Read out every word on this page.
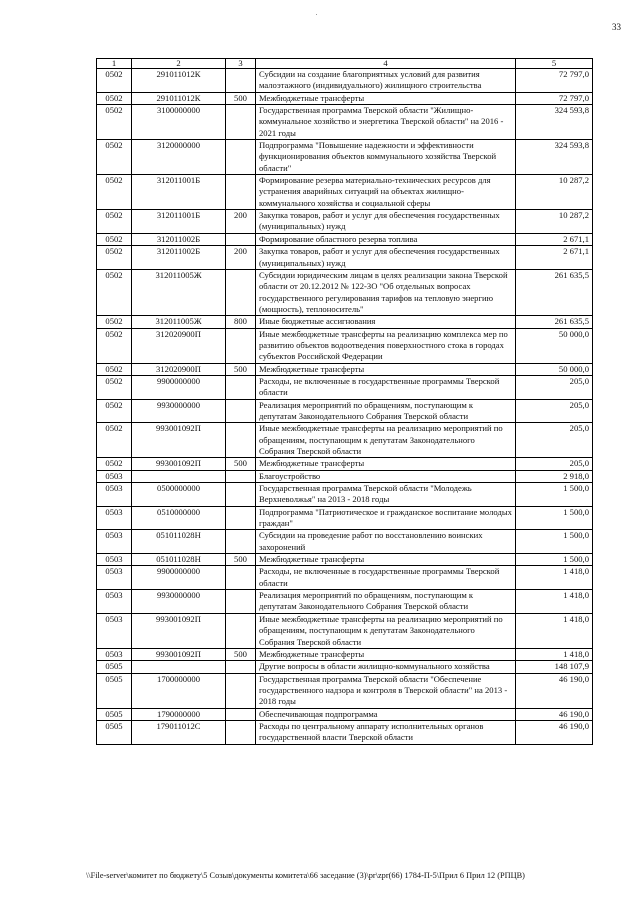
33
1	2	3	4	5
0502	291011012К		Субсидии на создание благоприятных условий для развития малоэтажного (индивидуального) жилищного строительства	72 797,0
0502	291011012К	500	Межбюджетные трансферты	72 797,0
0502	3100000000		Государственная программа Тверской области "Жилищно-коммунальное хозяйство и энергетика Тверской области" на 2016 - 2021 годы	324 593,8
0502	3120000000		Подпрограмма "Повышение надежности и эффективности функционирования объектов коммунального хозяйства Тверской области"	324 593,8
0502	312011001Б		Формирование резерва материально-технических ресурсов для устранения аварийных ситуаций на объектах жилищно-коммунального хозяйства и социальной сферы	10 287,2
0502	312011001Б	200	Закупка товаров, работ и услуг для обеспечения государственных (муниципальных) нужд	10 287,2
0502	312011002Б		Формирование областного резерва топлива	2 671,1
0502	312011002Б	200	Закупка товаров, работ и услуг для обеспечения государственных (муниципальных) нужд	2 671,1
0502	312011005Ж		Субсидии юридическим лицам в целях реализации закона Тверской области от 20.12.2012 № 122-ЗО "Об отдельных вопросах государственного регулирования тарифов на тепловую энергию (мощность), теплоноситель"	261 635,5
0502	312011005Ж	800	Иные бюджетные ассигнования	261 635,5
0502	312020900П		Иные межбюджетные трансферты на реализацию комплекса мер по развитию объектов водоотведения поверхностного стока в городах субъектов Российской Федерации	50 000,0
0502	312020900П	500	Межбюджетные трансферты	50 000,0
0502	9900000000		Расходы, не включенные в государственные программы Тверской области	205,0
0502	9930000000		Реализация мероприятий по обращениям, поступающим к депутатам Законодательного Собрания Тверской области	205,0
0502	993001092П		Иные межбюджетные трансферты на реализацию мероприятий по обращениям, поступающим к депутатам Законодательного Собрания Тверской области	205,0
0502	993001092П	500	Межбюджетные трансферты	205,0
0503			Благоустройство	2 918,0
0503	0500000000		Государственная программа Тверской области "Молодежь Верхневолжья" на 2013 - 2018 годы	1 500,0
0503	0510000000		Подпрограмма "Патриотическое и гражданское воспитание молодых граждан"	1 500,0
0503	051011028Н		Субсидии на проведение работ по восстановлению воинских захоронений	1 500,0
0503	051011028Н	500	Межбюджетные трансферты	1 500,0
0503	9900000000		Расходы, не включенные в государственные программы Тверской области	1 418,0
0503	9930000000		Реализация мероприятий по обращениям, поступающим к депутатам Законодательного Собрания Тверской области	1 418,0
0503	993001092П		Иные межбюджетные трансферты на реализацию мероприятий по обращениям, поступающим к депутатам Законодательного Собрания Тверской области	1 418,0
0503	993001092П	500	Межбюджетные трансферты	1 418,0
0505			Другие вопросы в области жилищно-коммунального хозяйства	148 107,9
0505	1700000000		Государственная программа Тверской области "Обеспечение государственного надзора и контроля в Тверской области" на 2013 - 2018 годы	46 190,0
0505	1790000000		Обеспечивающая подпрограмма	46 190,0
0505	179011012С		Расходы по центральному аппарату исполнительных органов государственной власти Тверской области	46 190,0
\\File-server\комитет по бюджету\5 Созыв\документы комитета\66 заседание (3)\pr\zpr(66) 1784-П-5\Прил 6 Прил 12 (РПЦВ)
